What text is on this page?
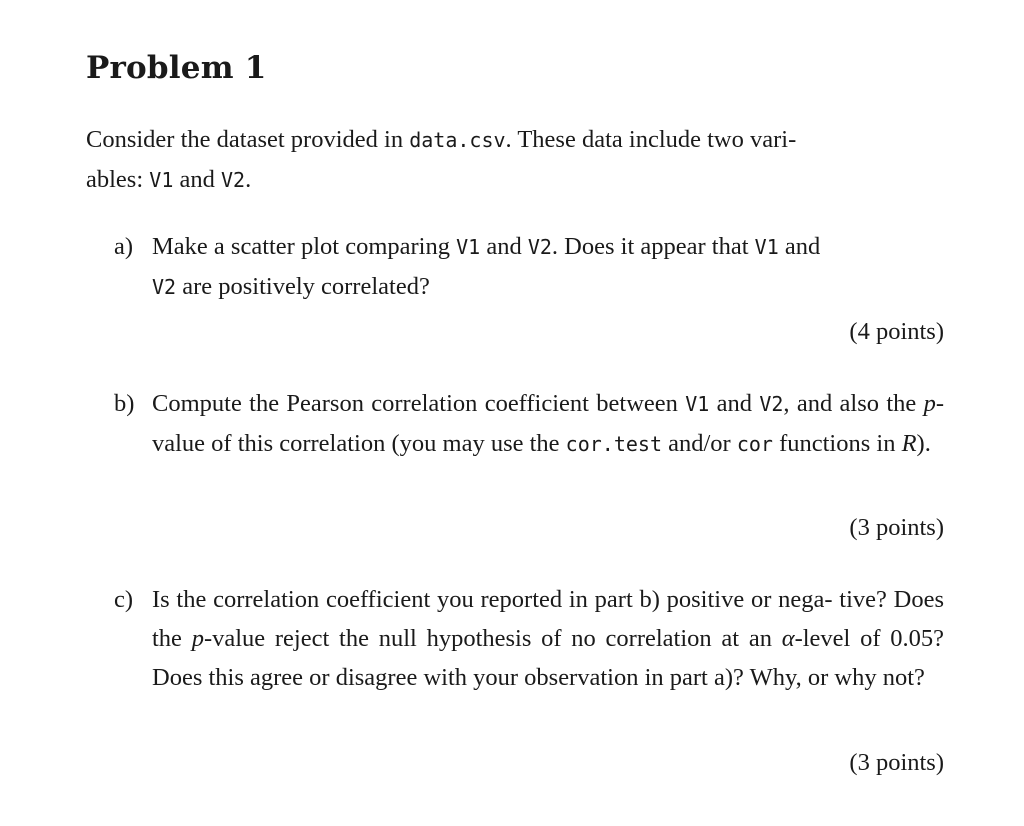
Problem 1

Consider the dataset provided in data.csv. These data include two vari-
ables: V1 and V2.

a) Make a scatter plot comparing V1 and V2. Does it appear that V1 and
V2 are positively correlated?

(4 points)
b) Compute the Pearson correlation coefficient between V1 and V2, and also the p-value of this correlation (you may use the cor.test and/or cor functions in R).

(3 points)
c) Is the correlation coefficient you reported in part b) positive or nega- tive? Does the p-value reject the null hypothesis of no correlation at an α-level of 0.05? Does this agree or disagree with your observation in part a)? Why, or why not?

(3 points)
